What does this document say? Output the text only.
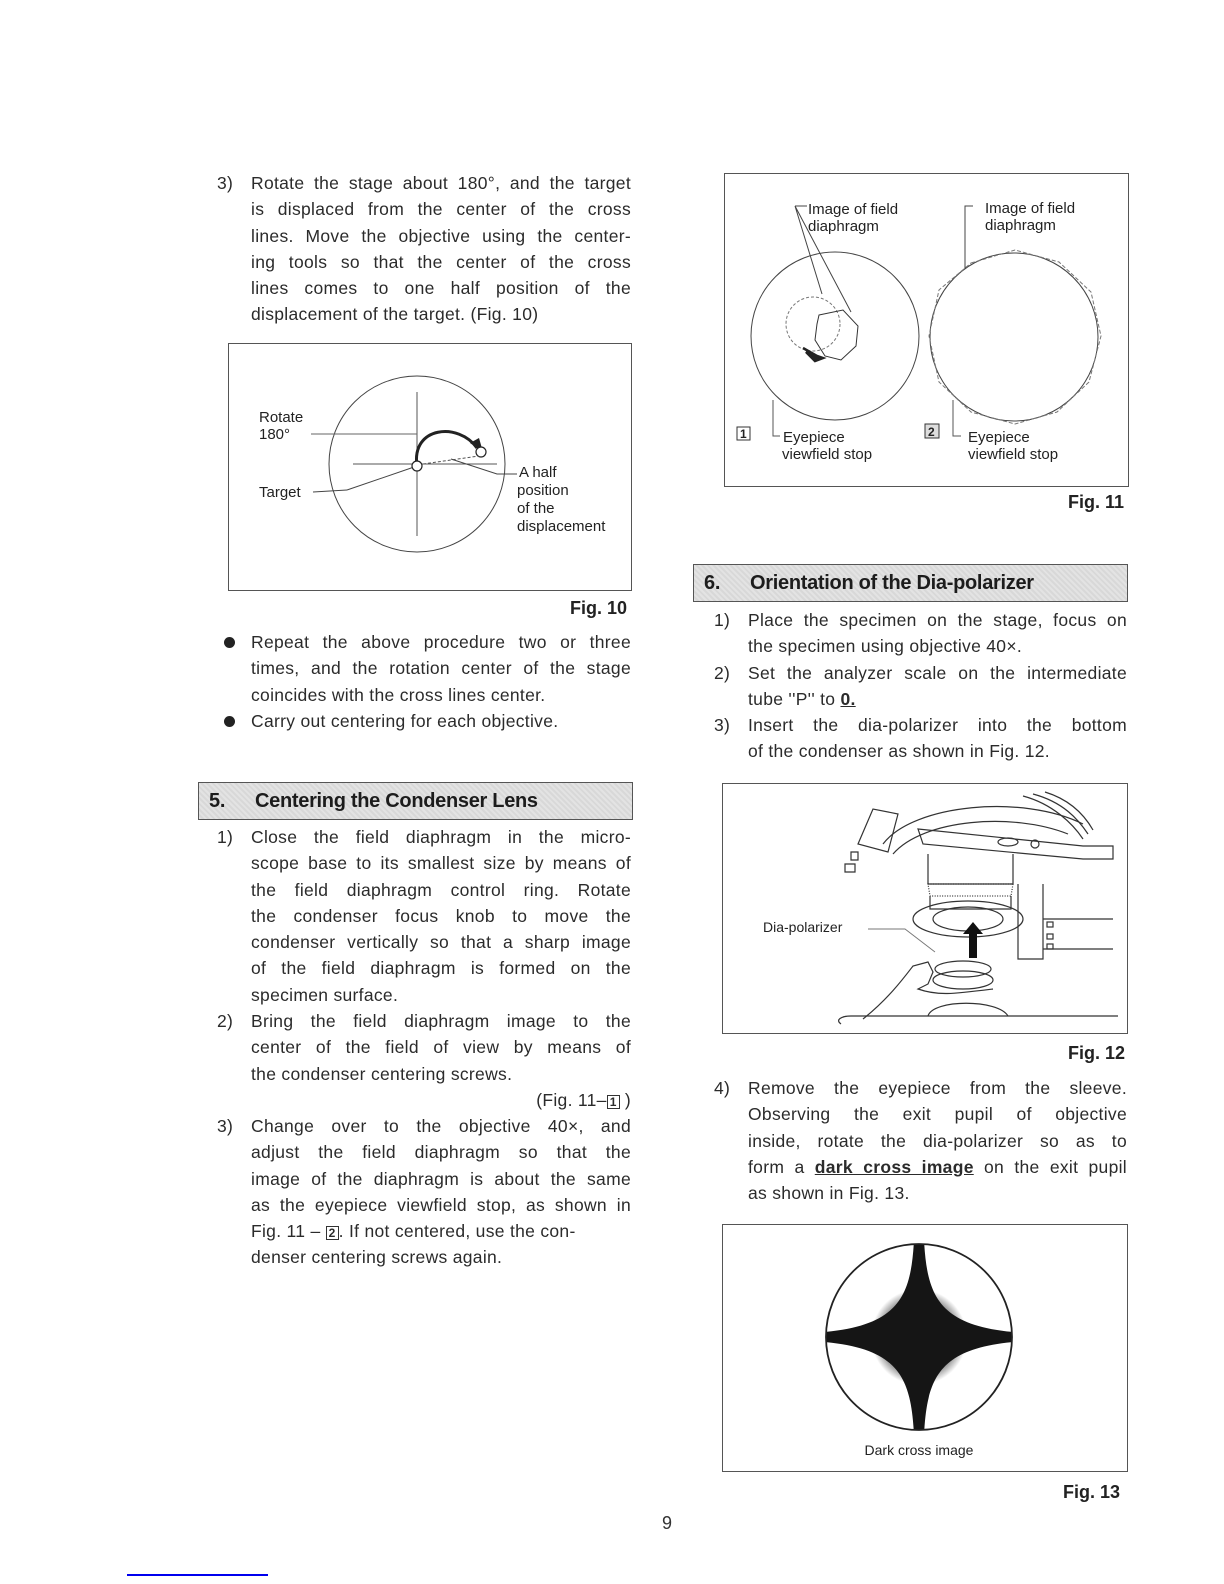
3) Rotate the stage about 180°, and the target
is displaced from the center of the cross
lines. Move the objective using the center-
ing tools so that the center of the cross
lines comes to one half position of the
displacement of the target. (Fig. 10)
Rotate
180°
Target
A half
position
of the
displacement
Fig. 10
Repeat the above procedure two or three
times, and the rotation center of the stage
coincides with the cross lines center.
Carry out centering for each objective.
5.	Centering the Condenser Lens
1) Close the field diaphragm in the micro-
scope base to its smallest size by means of
the field diaphragm control ring. Rotate
the condenser focus knob to move the
condenser vertically so that a sharp image
of the field diaphragm is formed on the
specimen surface.
2) Bring the field diaphragm image to the
center of the field of view by means of
the condenser centering screws.
(Fig. 11– 1 )
3) Change over to the objective 40×, and
adjust the field diaphragm so that the
image of the diaphragm is about the same
as the eyepiece viewfield stop, as shown in
Fig. 11 – 2 . If not centered, use the con-
denser centering screws again.
1
Image of field
diaphragm
Eyepiece
viewfield stop
2
Image of field
diaphragm
Eyepiece
viewfield stop
Fig. 11
6.	Orientation of the Dia-polarizer
1) Place the specimen on the stage, focus on
the specimen using objective 40×.
2) Set the analyzer scale on the intermediate
tube ''P'' to 0.
3) Insert the dia-polarizer into the bottom
of the condenser as shown in Fig. 12.
Dia-polarizer
Fig. 12
4) Remove the eyepiece from the sleeve.
Observing the exit pupil of objective
inside, rotate the dia-polarizer so as to
form a dark cross image on the exit pupil
as shown in Fig. 13.
Dark cross image
Fig. 13
9
